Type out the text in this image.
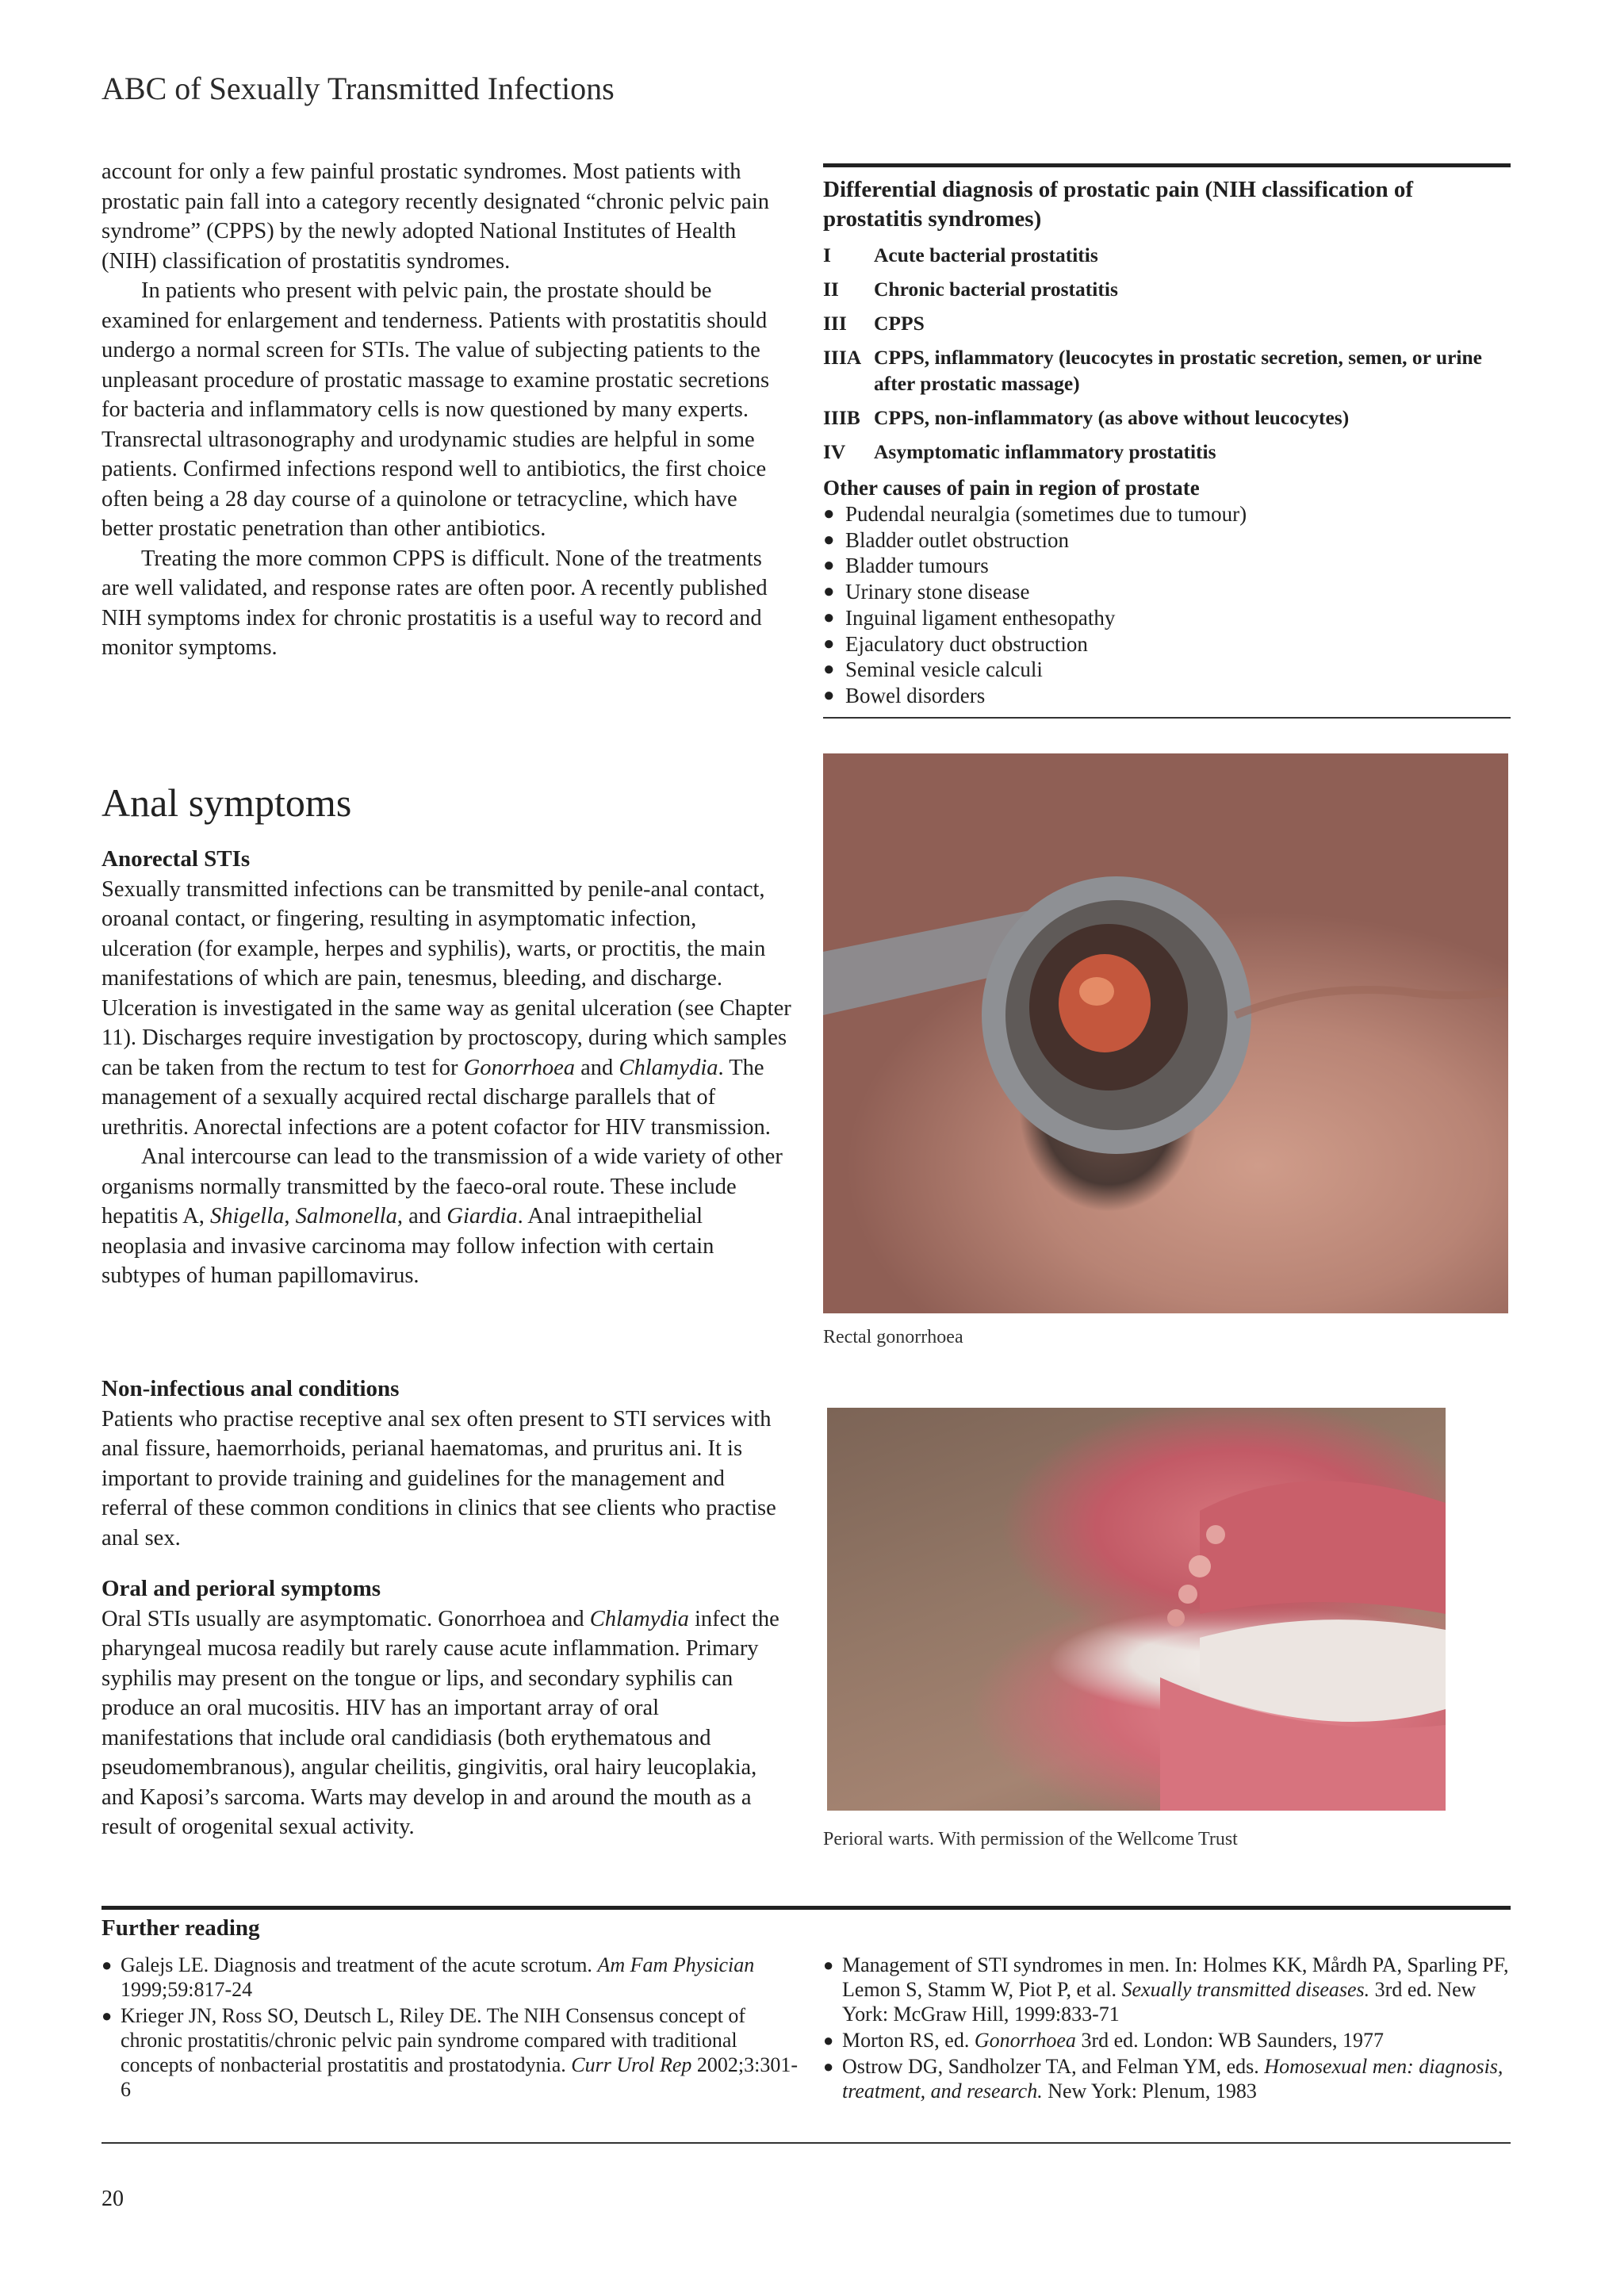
ABC of Sexually Transmitted Infections

account for only a few painful prostatic syndromes. Most patients with prostatic pain fall into a category recently designated “chronic pelvic pain syndrome” (CPPS) by the newly adopted National Institutes of Health (NIH) classification of prostatitis syndromes.

In patients who present with pelvic pain, the prostate should be examined for enlargement and tenderness. Patients with prostatitis should undergo a normal screen for STIs. The value of subjecting patients to the unpleasant procedure of prostatic massage to examine prostatic secretions for bacteria and inflammatory cells is now questioned by many experts. Transrectal ultrasonography and urodynamic studies are helpful in some patients. Confirmed infections respond well to antibiotics, the first choice often being a 28 day course of a quinolone or tetracycline, which have better prostatic penetration than other antibiotics.

Treating the more common CPPS is difficult. None of the treatments are well validated, and response rates are often poor. A recently published NIH symptoms index for chronic prostatitis is a useful way to record and monitor symptoms.

Anal symptoms
Anorectal STIs

Sexually transmitted infections can be transmitted by penile-anal contact, oroanal contact, or fingering, resulting in asymptomatic infection, ulceration (for example, herpes and syphilis), warts, or proctitis, the main manifestations of which are pain, tenesmus, bleeding, and discharge. Ulceration is investigated in the same way as genital ulceration (see Chapter 11). Discharges require investigation by proctoscopy, during which samples can be taken from the rectum to test for Gonorrhoea and Chlamydia. The management of a sexually acquired rectal discharge parallels that of urethritis. Anorectal infections are a potent cofactor for HIV transmission.

Anal intercourse can lead to the transmission of a wide variety of other organisms normally transmitted by the faeco-oral route. These include hepatitis A, Shigella, Salmonella, and Giardia. Anal intraepithelial neoplasia and invasive carcinoma may follow infection with certain subtypes of human papillomavirus.

Non-infectious anal conditions

Patients who practise receptive anal sex often present to STI services with anal fissure, haemorrhoids, perianal haematomas, and pruritus ani. It is important to provide training and guidelines for the management and referral of these common conditions in clinics that see clients who practise anal sex.

Oral and perioral symptoms

Oral STIs usually are asymptomatic. Gonorrhoea and Chlamydia infect the pharyngeal mucosa readily but rarely cause acute inflammation. Primary syphilis may present on the tongue or lips, and secondary syphilis can produce an oral mucositis. HIV has an important array of oral manifestations that include oral candidiasis (both erythematous and pseudomembranous), angular cheilitis, gingivitis, oral hairy leucoplakia, and Kaposi’s sarcoma. Warts may develop in and around the mouth as a result of orogenital sexual activity.

Differential diagnosis of prostatic pain (NIH classification of prostatitis syndromes)
I	Acute bacterial prostatitis
II	Chronic bacterial prostatitis
III	CPPS
IIIA CPPS, inflammatory (leucocytes in prostatic secretion, semen, or urine after prostatic massage)
IIIB CPPS, non-inflammatory (as above without leucocytes)
IV	Asymptomatic inflammatory prostatitis
Other causes of pain in region of prostate
● Pudendal neuralgia (sometimes due to tumour)
● Bladder outlet obstruction
● Bladder tumours
● Urinary stone disease
● Inguinal ligament enthesopathy
● Ejaculatory duct obstruction
● Seminal vesicle calculi
● Bowel disorders
Rectal gonorrhoea
Perioral warts. With permission of the Wellcome Trust
Further reading
● Galejs LE. Diagnosis and treatment of the acute scrotum. Am Fam Physician 1999;59:817-24
● Krieger JN, Ross SO, Deutsch L, Riley DE. The NIH Consensus concept of chronic prostatitis/chronic pelvic pain syndrome compared with traditional concepts of nonbacterial prostatitis and prostatodynia. Curr Urol Rep 2002;3:301-6
● Management of STI syndromes in men. In: Holmes KK, Mårdh PA, Sparling PF, Lemon S, Stamm W, Piot P, et al. Sexually transmitted diseases. 3rd ed. New York: McGraw Hill, 1999:833-71
● Morton RS, ed. Gonorrhoea 3rd ed. London: WB Saunders, 1977
● Ostrow DG, Sandholzer TA, and Felman YM, eds. Homosexual men: diagnosis, treatment, and research. New York: Plenum, 1983
20
